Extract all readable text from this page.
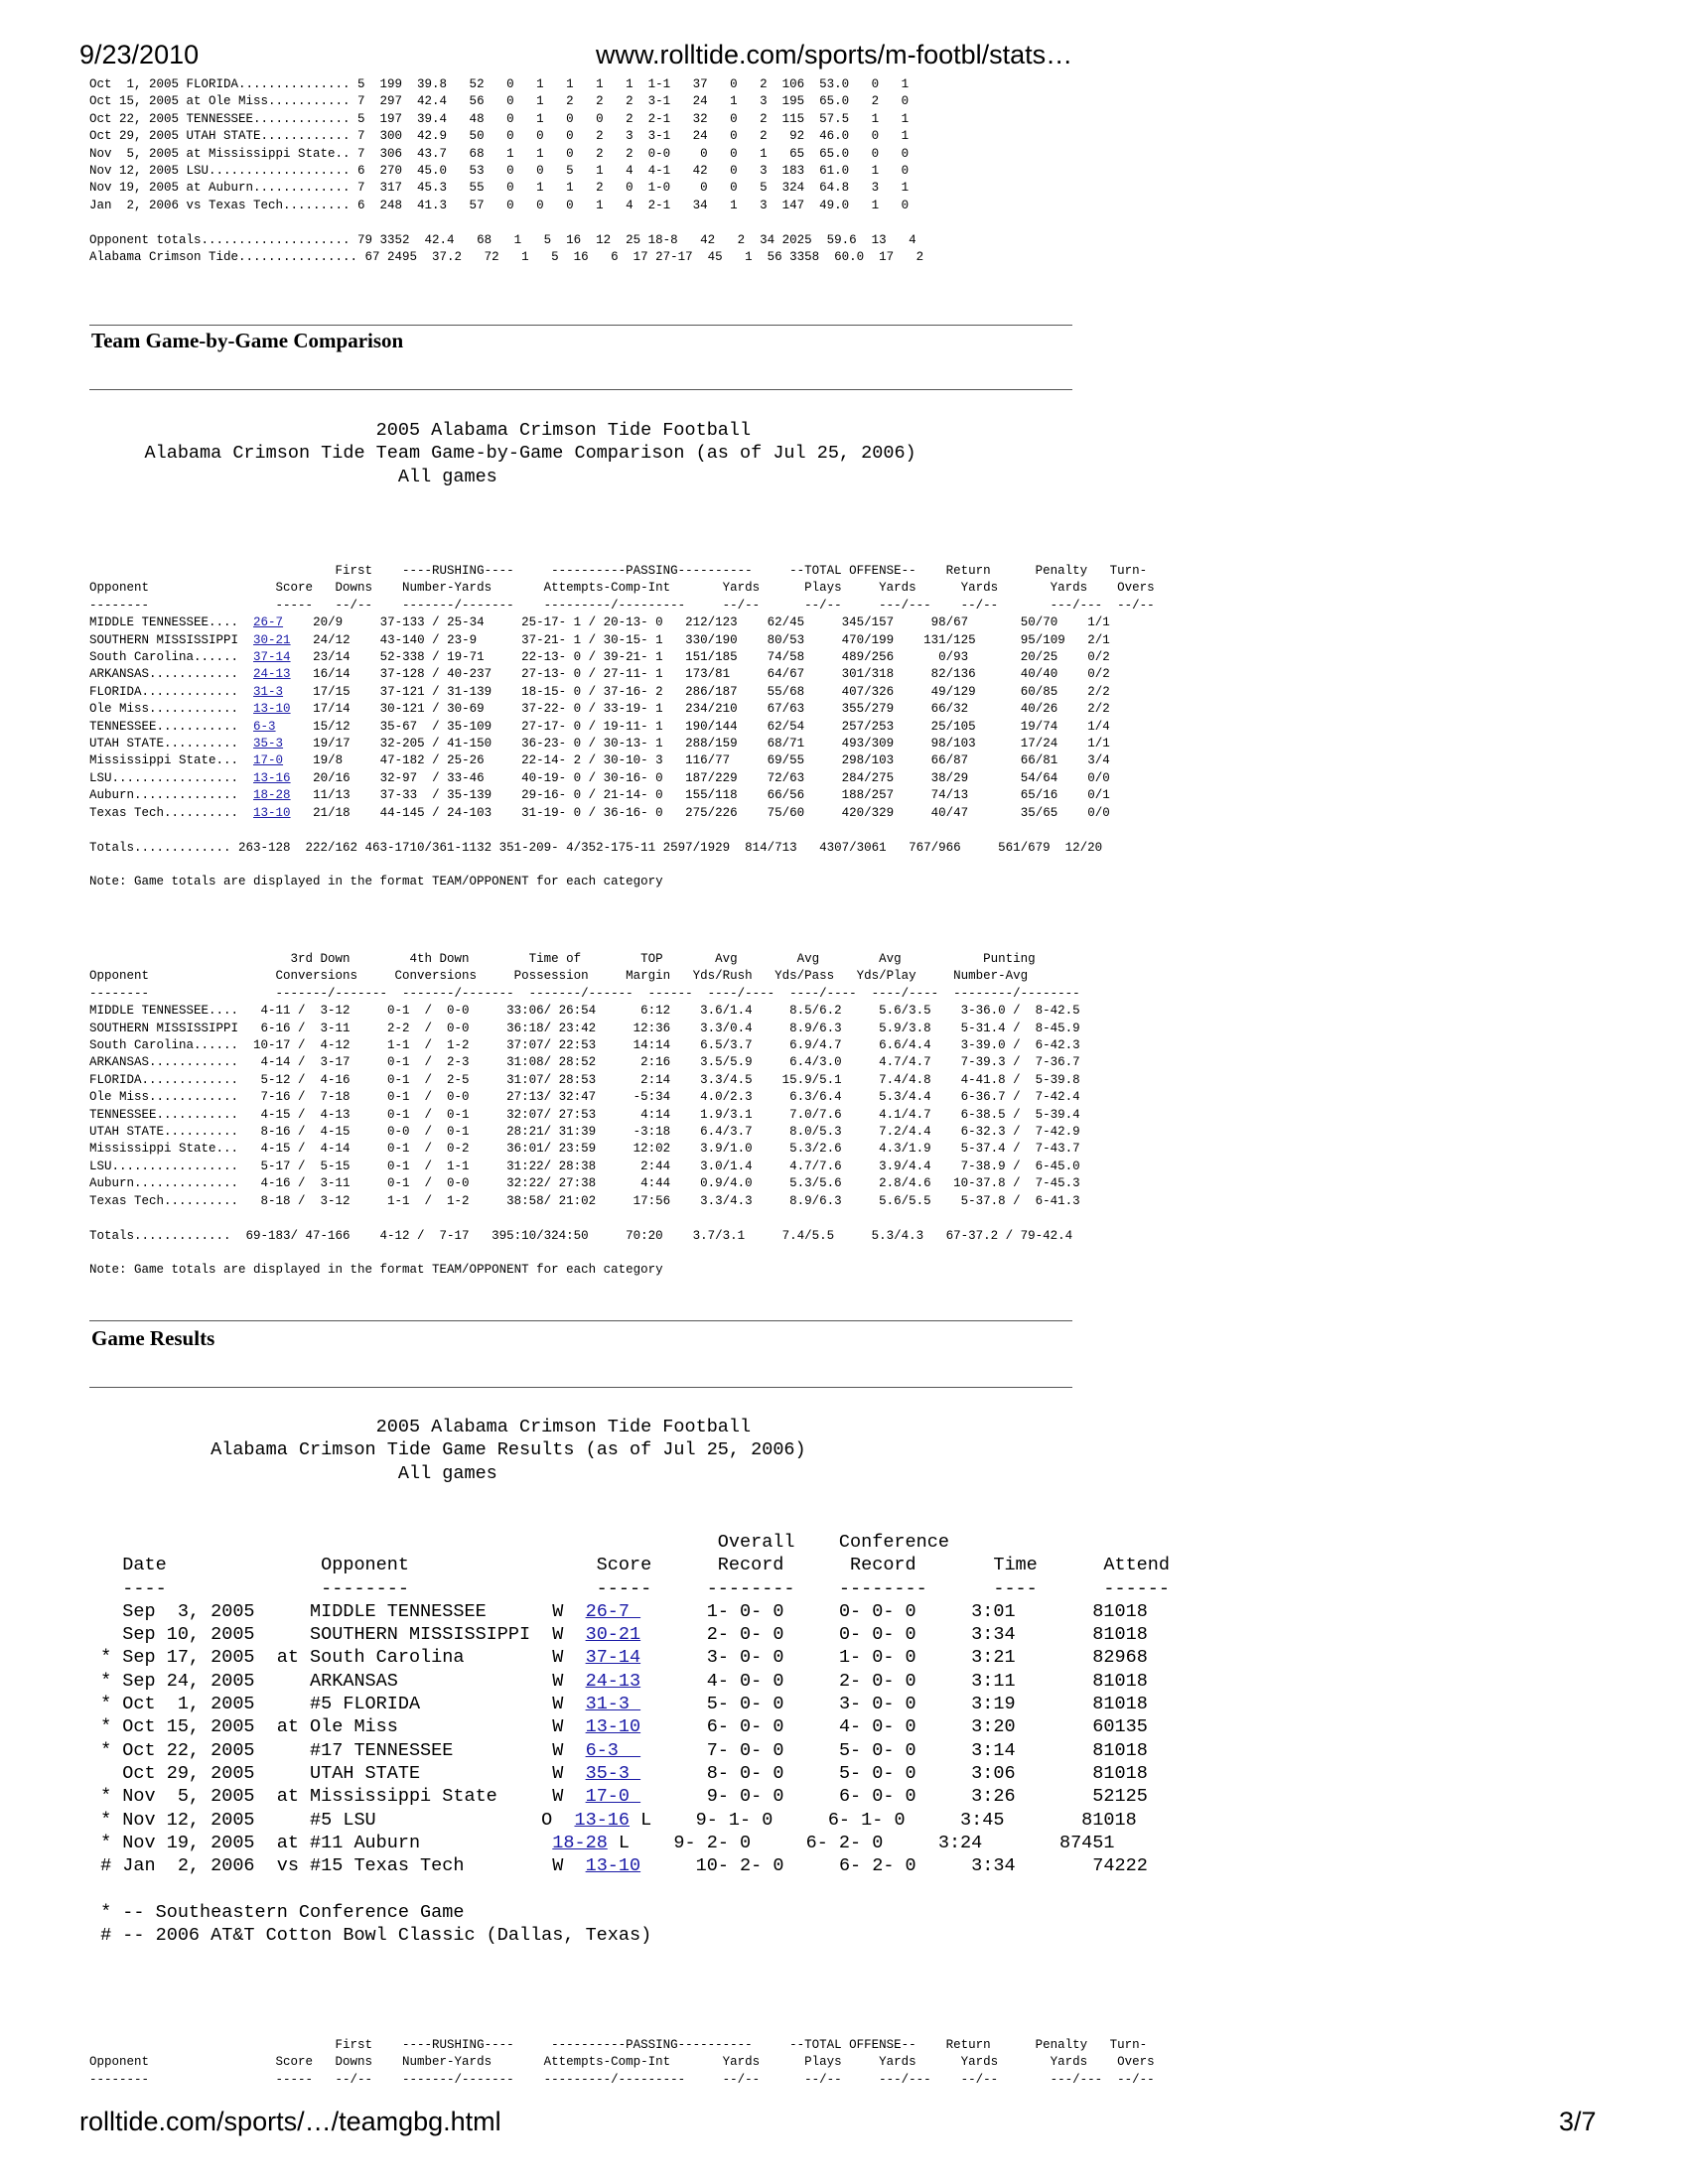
9/23/2010	www.rolltide.com/sports/m-footbl/stats…
Oct  1, 2005 FLORIDA............... 5  199  39.8   52   0   1   1   1   1  1-1   37   0   2  106  53.0   0   1
Oct 15, 2005 at Ole Miss........... 7  297  42.4   56   0   1   2   2   2  3-1   24   1   3  195  65.0   2   0
Oct 22, 2005 TENNESSEE............. 5  197  39.4   48   0   1   0   0   2  2-1   32   0   2  115  57.5   1   1
Oct 29, 2005 UTAH STATE............ 7  300  42.9   50   0   0   0   2   3  3-1   24   0   2   92  46.0   0   1
Nov  5, 2005 at Mississippi State.. 7  306  43.7   68   1   1   0   2   2  0-0    0   0   1   65  65.0   0   0
Nov 12, 2005 LSU................... 6  270  45.0   53   0   0   5   1   4  4-1   42   0   3  183  61.0   1   0
Nov 19, 2005 at Auburn............. 7  317  45.3   55   0   1   1   2   0  1-0    0   0   5  324  64.8   3   1
Jan  2, 2006 vs Texas Tech......... 6  248  41.3   57   0   0   0   1   4  2-1   34   1   3  147  49.0   1   0

Opponent totals.................... 79 3352  42.4   68   1   5  16  12  25 18-8   42   2  34 2025  59.6  13   4
Alabama Crimson Tide................ 67 2495  37.2   72   1   5  16   6  17 27-17  45   1  56 3358  60.0  17   2
Team Game-by-Game Comparison
2005 Alabama Crimson Tide Football
Alabama Crimson Tide Team Game-by-Game Comparison (as of Jul 25, 2006)
All games
First    ----RUSHING----     ----------PASSING----------     --TOTAL OFFENSE--    Return      Penalty   Turn-
Opponent                 Score   Downs    Number-Yards       Attempts-Comp-Int       Yards      Plays     Yards      Yards       Yards    Overs
--------                 -----   --/--    -------/-------    ---------/---------     --/--      --/--     ---/---    --/--       ---/---  --/--
MIDDLE TENNESSEE.... 26-7 20/9     37-133 / 25-34     25-17- 1 / 20-13- 0   212/123    62/45     345/157     98/67       50/70    1/1
SOUTHERN MISSISSIPPI 30-21 24/12    43-140 / 23-9      37-21- 1 / 30-15- 1   330/190    80/53     470/199    131/125      95/109   2/1
South Carolina...... 37-14 23/14    52-338 / 19-71     22-13- 0 / 39-21- 1   151/185    74/58     489/256      0/93       20/25    0/2
ARKANSAS............ 24-13 16/14    37-128 / 40-237    27-13- 0 / 27-11- 1   173/81     64/67     301/318     82/136      40/40    0/2
FLORIDA............. 31-3 17/15    37-121 / 31-139    18-15- 0 / 37-16- 2   286/187    55/68     407/326     49/129      60/85    2/2
Ole Miss............ 13-10 17/14    30-121 / 30-69     37-22- 0 / 33-19- 1   234/210    67/63     355/279     66/32       40/26    2/2
TENNESSEE........... 6-3	15/12    35-67  / 35-109    27-17- 0 / 19-11- 1   190/144    62/54     257/253     25/105      19/74    1/4
UTAH STATE.......... 35-3 19/17    32-205 / 41-150    36-23- 0 / 30-13- 1   288/159    68/71     493/309     98/103      17/24    1/1
Mississippi State... 17-0 19/8     47-182 / 25-26     22-14- 2 / 30-10- 3   116/77     69/55     298/103     66/87       66/81    3/4
LSU................. 13-16 20/16    32-97  / 33-46     40-19- 0 / 30-16- 0   187/229    72/63     284/275     38/29       54/64    0/0
Auburn.............. 18-28 11/13    37-33  / 35-139    29-16- 0 / 21-14- 0   155/118    66/56     188/257     74/13       65/16    0/1
Texas Tech.......... 13-10 21/18    44-145 / 24-103    31-19- 0 / 36-16- 0   275/226    75/60     420/329     40/47       35/65    0/0

Totals............. 263-128  222/162 463-1710/361-1132 351-209- 4/352-175-11 2597/1929  814/713   4307/3061   767/966     561/679  12/20

Note: Game totals are displayed in the format TEAM/OPPONENT for each category
3rd Down        4th Down        Time of        TOP       Avg        Avg        Avg           Punting
Opponent                 Conversions     Conversions     Possession     Margin   Yds/Rush   Yds/Pass   Yds/Play     Number-Avg
--------                 -------/-------  -------/-------  -------/------  ------  ----/----  ----/----  ----/----  --------/--------
MIDDLE TENNESSEE....   4-11 /  3-12     0-1  /  0-0     33:06/ 26:54      6:12    3.6/1.4     8.5/6.2     5.6/3.5    3-36.0 /  8-42.5
SOUTHERN MISSISSIPPI   6-16 /  3-11     2-2  /  0-0     36:18/ 23:42     12:36    3.3/0.4     8.9/6.3     5.9/3.8    5-31.4 /  8-45.9
South Carolina......  10-17 /  4-12     1-1  /  1-2     37:07/ 22:53     14:14    6.5/3.7     6.9/4.7     6.6/4.4    3-39.0 /  6-42.3
ARKANSAS............   4-14 /  3-17     0-1  /  2-3     31:08/ 28:52      2:16    3.5/5.9     6.4/3.0     4.7/4.7    7-39.3 /  7-36.7
FLORIDA.............   5-12 /  4-16     0-1  /  2-5     31:07/ 28:53      2:14    3.3/4.5    15.9/5.1     7.4/4.8    4-41.8 /  5-39.8
Ole Miss............   7-16 /  7-18     0-1  /  0-0     27:13/ 32:47     -5:34    4.0/2.3     6.3/6.4     5.3/4.4    6-36.7 /  7-42.4
TENNESSEE...........   4-15 /  4-13     0-1  /  0-1     32:07/ 27:53      4:14    1.9/3.1     7.0/7.6     4.1/4.7    6-38.5 /  5-39.4
UTAH STATE..........   8-16 /  4-15     0-0  /  0-1     28:21/ 31:39     -3:18    6.4/3.7     8.0/5.3     7.2/4.4    6-32.3 /  7-42.9
Mississippi State...   4-15 /  4-14     0-1  /  0-2     36:01/ 23:59     12:02    3.9/1.0     5.3/2.6     4.3/1.9    5-37.4 /  7-43.7
LSU.................   5-17 /  5-15     0-1  /  1-1     31:22/ 28:38      2:44    3.0/1.4     4.7/7.6     3.9/4.4    7-38.9 /  6-45.0
Auburn..............   4-16 /  3-11     0-1  /  0-0     32:22/ 27:38      4:44    0.9/4.0     5.3/5.6     2.8/4.6   10-37.8 /  7-45.3
Texas Tech..........   8-18 /  3-12     1-1  /  1-2     38:58/ 21:02     17:56    3.3/4.3     8.9/6.3     5.6/5.5    5-37.8 /  6-41.3

Totals.............  69-183/ 47-166    4-12 /  7-17   395:10/324:50     70:20    3.7/3.1     7.4/5.5     5.3/4.3   67-37.2 / 79-42.4

Note: Game totals are displayed in the format TEAM/OPPONENT for each category
Game Results
2005 Alabama Crimson Tide Football
Alabama Crimson Tide Game Results (as of Jul 25, 2006)
All games
Overall    Conference
Date              Opponent                 Score      Record      Record       Time      Attend
----              --------                 -----     --------    --------      ----      ------
Sep  3, 2005     MIDDLE TENNESSEE      W  26-7       1- 0- 0     0- 0- 0     3:01       81018
Sep 10, 2005     SOUTHERN MISSISSIPPI  W  30-21      2- 0- 0     0- 0- 0     3:34       81018
* Sep 17, 2005  at South Carolina        W  37-14      3- 0- 0     1- 0- 0     3:21       82968
* Sep 24, 2005     ARKANSAS              W  24-13      4- 0- 0     2- 0- 0     3:11       81018
* Oct  1, 2005     #5 FLORIDA            W  31-3       5- 0- 0     3- 0- 0     3:19       81018
* Oct 15, 2005  at Ole Miss              W  13-10      6- 0- 0     4- 0- 0     3:20       60135
* Oct 22, 2005     #17 TENNESSEE         W  6-3        7- 0- 0     5- 0- 0     3:14       81018
Oct 29, 2005     UTAH STATE            W  35-3       8- 0- 0     5- 0- 0     3:06       81018
* Nov  5, 2005  at Mississippi State     W  17-0       9- 0- 0     6- 0- 0     3:26       52125
* Nov 12, 2005     #5 LSU               O  13-16 L    9- 1- 0     6- 1- 0     3:45       81018
* Nov 19, 2005  at #11 Auburn            18-28 L    9- 2- 0     6- 2- 0     3:24       87451
# Jan  2, 2006  vs #15 Texas Tech        W  13-10     10- 2- 0     6- 2- 0     3:34       74222

* -- Southeastern Conference Game
# -- 2006 AT&T Cotton Bowl Classic (Dallas, Texas)
First    ----RUSHING----     ----------PASSING----------     --TOTAL OFFENSE--    Return      Penalty   Turn-
Opponent                 Score   Downs    Number-Yards       Attempts-Comp-Int       Yards      Plays     Yards      Yards       Yards    Overs
--------                 -----   --/--    -------/-------    ---------/---------     --/--      --/--     ---/---    --/--       ---/---  --/--
rolltide.com/sports/…/teamgbg.html	3/7
